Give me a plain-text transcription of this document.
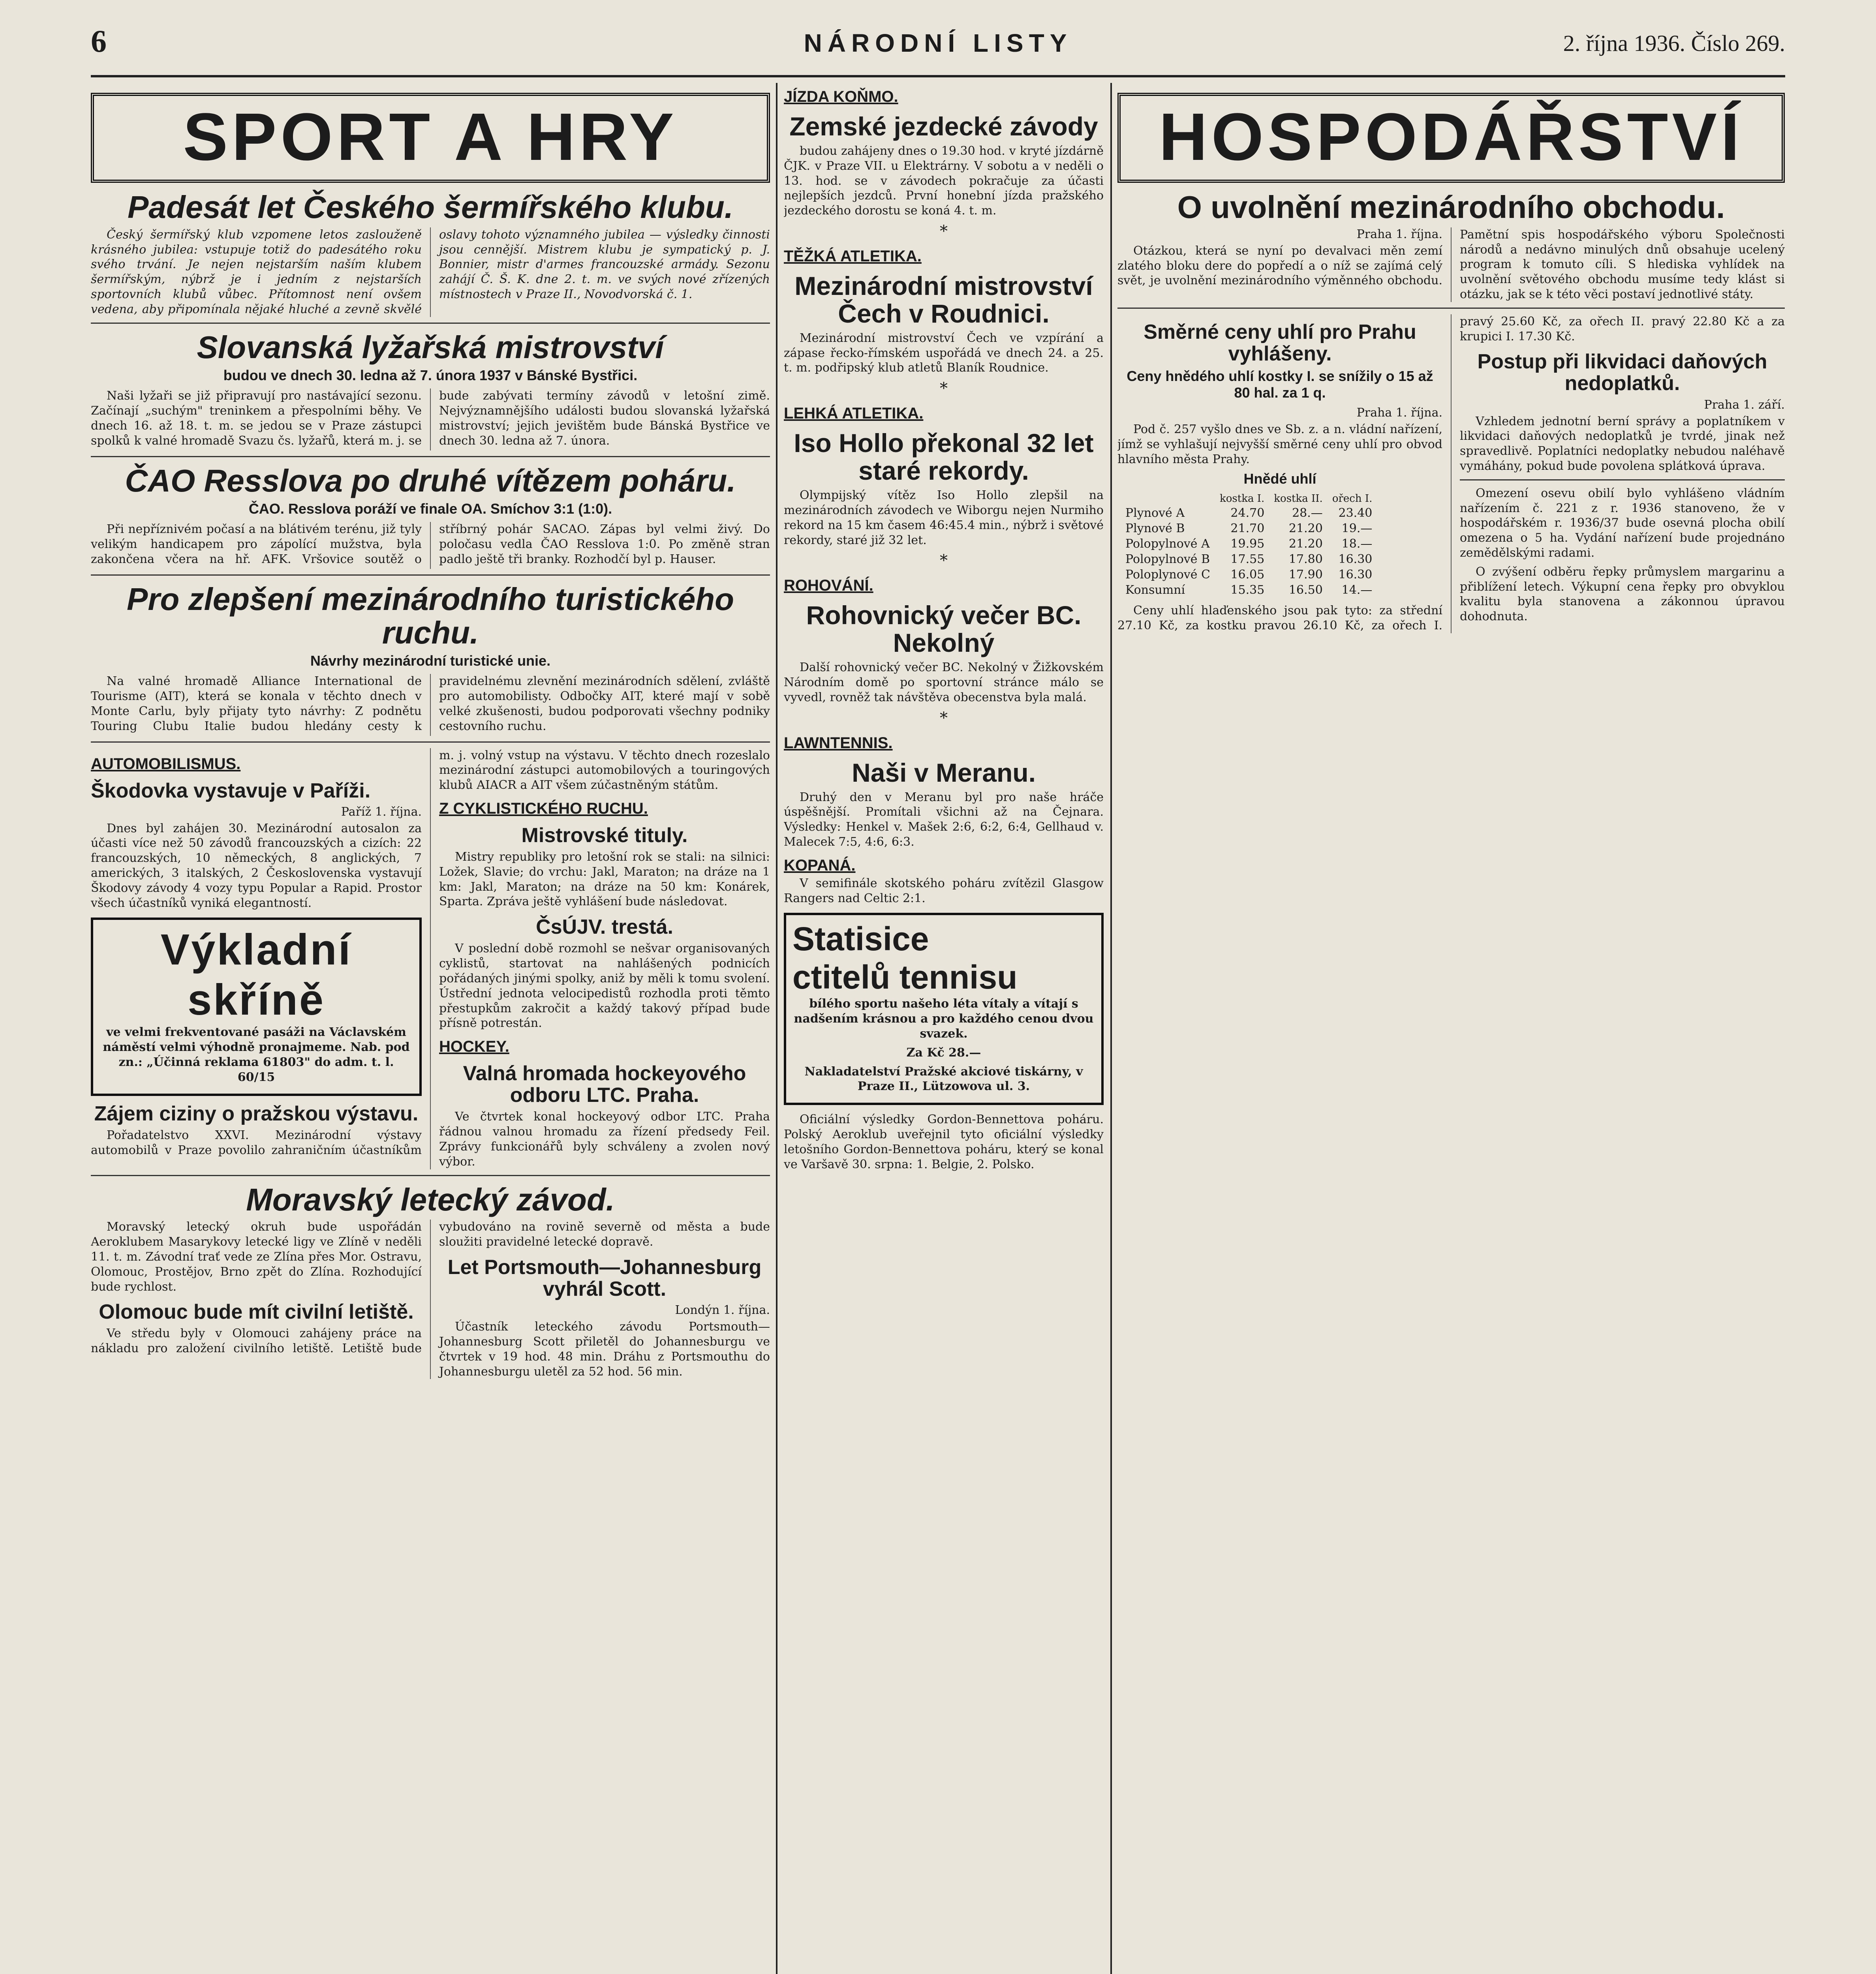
6	NÁRODNÍ LISTY	2. října 1936. Číslo 269.
SPORT A HRY
Padesát let Českého šermířského klubu.

Český šermířský klub vzpomene letos zaslouženě krásného jubilea: vstupuje totiž do padesátého roku svého trvání. Je nejen nejstarším naším klubem šermířským, nýbrž je i jedním z nejstarších sportovních klubů vůbec. Přítomnost není ovšem vedena, aby připomínala nějaké hluché a zevně skvělé oslavy tohoto významného jubilea — výsledky činnosti jsou cennější. Mistrem klubu je sympatický p. J. Bonnier, mistr d'armes francouzské armády. Sezonu zahájí Č. Š. K. dne 2. t. m. ve svých nové zřízených místnostech v Praze II., Novodvorská č. 1.

Slovanská lyžařská mistrovství
budou ve dnech 30. ledna až 7. února 1937 v Bánské Bystřici.

Naši lyžaři se již připravují pro nastávající sezonu. Začínají „suchým" treninkem a přespolními běhy. Ve dnech 16. až 18. t. m. se jedou se v Praze zástupci spolků k valné hromadě Svazu čs. lyžařů, která m. j. se bude zabývati termíny závodů v letošní zimě. Nejvýznamnějšího události budou slovanská lyžařská mistrovství; jejich jevištěm bude Bánská Bystřice ve dnech 30. ledna až 7. února.

ČAO Resslova po druhé vítězem poháru.
ČAO. Resslova poráží ve finale OA. Smíchov 3:1 (1:0).

Při nepříznivém počasí a na blátivém terénu, již tyly velikým handicapem pro zápolící mužstva, byla zakončena včera na hř. AFK. Vršovice soutěž o stříbrný pohár SACAO. Zápas byl velmi živý. Do poločasu vedla ČAO Resslova 1:0. Po změně stran padlo ještě tři branky. Rozhodčí byl p. Hauser.

Pro zlepšení mezinárodního turistického ruchu.
Návrhy mezinárodní turistické unie.

Na valné hromadě Alliance International de Tourisme (AIT), která se konala v těchto dnech v Monte Carlu, byly přijaty tyto návrhy: Z podnětu Touring Clubu Italie budou hledány cesty k pravidelnému zlevnění mezinárodních sdělení, zvláště pro automobilisty. Odbočky AIT, které mají v sobě velké zkušenosti, budou podporovati všechny podniky cestovního ruchu.

AUTOMOBILISMUS.
Škodovka vystavuje v Paříži.
Paříž 1. října.

Dnes byl zahájen 30. Mezinárodní autosalon za účasti více než 50 závodů francouzských a cizích: 22 francouzských, 10 německých, 8 anglických, 7 amerických, 3 italských, 2 Československa vystavují Škodovy závody 4 vozy typu Popular a Rapid. Prostor všech účastníků vyniká elegantností.

Výkladní skříně

ve velmi frekventované pasáži na Václavském náměstí velmi výhodně pronajmeme. Nab. pod zn.: „Účinná reklama 61803" do adm. t. l. 60/15

Zájem ciziny o pražskou výstavu.

Pořadatelstvo XXVI. Mezinárodní výstavy automobilů v Praze povolilo zahraničním účastníkům m. j. volný vstup na výstavu. V těchto dnech rozeslalo mezinárodní zástupci automobilových a touringových klubů AIACR a AIT všem zúčastněným státům.

Z CYKLISTICKÉHO RUCHU.
Mistrovské tituly.

Mistry republiky pro letošní rok se stali: na silnici: Ložek, Slavie; do vrchu: Jakl, Maraton; na dráze na 1 km: Jakl, Maraton; na dráze na 50 km: Konárek, Sparta. Zpráva ještě vyhlášení bude následovat.

ČsÚJV. trestá.

V poslední době rozmohl se nešvar organisovaných cyklistů, startovat na nahlášených podnicích pořádaných jinými spolky, aniž by měli k tomu svolení. Ústřední jednota velocipedistů rozhodla proti těmto přestupkům zakročit a každý takový případ bude přísně potrestán.

HOCKEY.
Valná hromada hockeyového odboru LTC. Praha.

Ve čtvrtek konal hockeyový odbor LTC. Praha řádnou valnou hromadu za řízení předsedy Feil. Zprávy funkcionářů byly schváleny a zvolen nový výbor.

Moravský letecký závod.

Moravský letecký okruh bude uspořádán Aeroklubem Masarykovy letecké ligy ve Zlíně v neděli 11. t. m. Závodní trať vede ze Zlína přes Mor. Ostravu, Olomouc, Prostějov, Brno zpět do Zlína. Rozhodující bude rychlost.

Olomouc bude mít civilní letiště.

Ve středu byly v Olomouci zahájeny práce na nákladu pro založení civilního letiště. Letiště bude vybudováno na rovině severně od města a bude sloužiti pravidelné letecké dopravě.

Let Portsmouth—Johannesburg vyhrál Scott.
Londýn 1. října.

Účastník leteckého závodu Portsmouth—Johannesburg Scott přiletěl do Johannesburgu ve čtvrtek v 19 hod. 48 min. Dráhu z Portsmouthu do Johannesburgu uletěl za 52 hod. 56 min.

JÍZDA KOŇMO.
Zemské jezdecké závody

budou zahájeny dnes o 19.30 hod. v kryté jízdárně ČJK. v Praze VII. u Elektrárny. V sobotu a v neděli o 13. hod. se v závodech pokračuje za účasti nejlepších jezdců. První honební jízda pražského jezdeckého dorostu se koná 4. t. m.

*
TĚŽKÁ ATLETIKA.
Mezinárodní mistrovství Čech v Roudnici.

Mezinárodní mistrovství Čech ve vzpírání a zápase řecko-římském uspořádá ve dnech 24. a 25. t. m. podřipský klub atletů Blaník Roudnice.

*
LEHKÁ ATLETIKA.
Iso Hollo překonal 32 let staré rekordy.

Olympijský vítěz Iso Hollo zlepšil na mezinárodních závodech ve Wiborgu nejen Nurmiho rekord na 15 km časem 46:45.4 min., nýbrž i světové rekordy, staré již 32 let.

*
ROHOVÁNÍ.
Rohovnický večer BC. Nekolný

Další rohovnický večer BC. Nekolný v Žižkovském Národním domě po sportovní stránce málo se vyvedl, rovněž tak návštěva obecenstva byla malá.

*
LAWNTENNIS.
Naši v Meranu.

Druhý den v Meranu byl pro naše hráče úspěšnější. Promítali všichni až na Čejnara. Výsledky: Henkel v. Mašek 2:6, 6:2, 6:4, Gellhaud v. Malecek 7:5, 4:6, 6:3.

KOPANÁ.

V semifinále skotského poháru zvítězil Glasgow Rangers nad Celtic 2:1.

Statisice
ctitelů tennisu

bílého sportu našeho léta vítaly a vítají s nadšením krásnou a pro každého cenou dvou svazek.

Za Kč 28.—

Nakladatelství Pražské akciové tiskárny, v Praze II., Lützowova ul. 3.

Oficiální výsledky Gordon-Bennettova poháru. Polský Aeroklub uveřejnil tyto oficiální výsledky letošního Gordon-Bennettova poháru, který se konal ve Varšavě 30. srpna: 1. Belgie, 2. Polsko.

HOSPODÁŘSTVÍ
O uvolnění mezinárodního obchodu.
Praha 1. října.

Otázkou, která se nyní po devalvaci měn zemí zlatého bloku dere do popředí a o níž se zajímá celý svět, je uvolnění mezinárodního výměnného obchodu. Pamětní spis hospodářského výboru Společnosti národů a nedávno minulých dnů obsahuje ucelený program k tomuto cíli. S hlediska vyhlídek na uvolnění světového obchodu musíme tedy klást si otázku, jak se k této věci postaví jednotlivé státy.

Směrné ceny uhlí pro Prahu vyhlášeny.
Ceny hnědého uhlí kostky I. se snížily o 15 až 80 hal. za 1 q.
Praha 1. října.

Pod č. 257 vyšlo dnes ve Sb. z. a n. vládní nařízení, jímž se vyhlašují nejvyšší směrné ceny uhlí pro obvod hlavního města Prahy.

Hnědé uhlí
	kostka I.	kostka II.	ořech I.
Plynové A	24.70	28.—	23.40
Plynové B	21.70	21.20	19.—
Polopylnové A	19.95	21.20	18.—
Polopylnové B	17.55	17.80	16.30
Poloplynové C	16.05	17.90	16.30
Konsumní	15.35	16.50	14.—

Ceny uhlí hlaďenského jsou pak tyto: za střední 27.10 Kč, za kostku pravou 26.10 Kč, za ořech I. pravý 25.60 Kč, za ořech II. pravý 22.80 Kč a za krupici I. 17.30 Kč.

Postup při likvidaci daňových nedoplatků.
Praha 1. září.

Vzhledem jednotní berní správy a poplatníkem v likvidaci daňových nedoplatků je tvrdé, jinak než spravedlivě. Poplatníci nedoplatky nebudou naléhavě vymáhány, pokud bude povolena splátková úprava.

Omezení osevu obilí bylo vyhlášeno vládním nařízením č. 221 z r. 1936 stanoveno, že v hospodářském r. 1936/37 bude osevná plocha obilí omezena o 5 ha. Vydání nařízení bude projednáno zemědělskými radami.

O zvýšení odběru řepky průmyslem margarinu a přiblížení letech. Výkupní cena řepky pro obvyklou kvalitu byla stanovena a zákonnou úpravou dohodnuta.
